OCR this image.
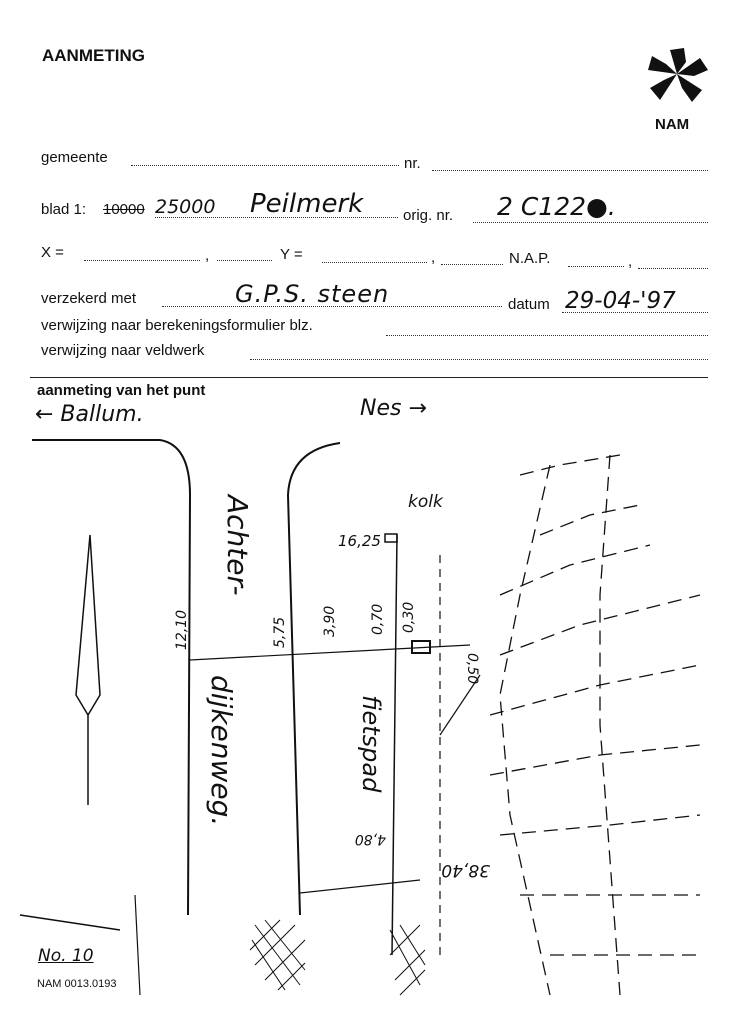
AANMETING
NAM
gemeente	nr.
blad 1: 10000 25000 Peilmerk	orig. nr. 2 C122●.
X =	,	Y =	,	N.A.P.	,
verzekerd met	G.P.S. steen	datum 29-04-'97
verwijzing naar berekeningsformulier blz.
verwijzing naar veldwerk
aanmeting van het punt
← Ballum.	Nes →
Achter-
dijkenweg.	fietspad
kolk
16,25
12,10	5,75 3,90 0,70 0,30
0,50
4,80
38,40
No. 10
NAM 0013.0193
